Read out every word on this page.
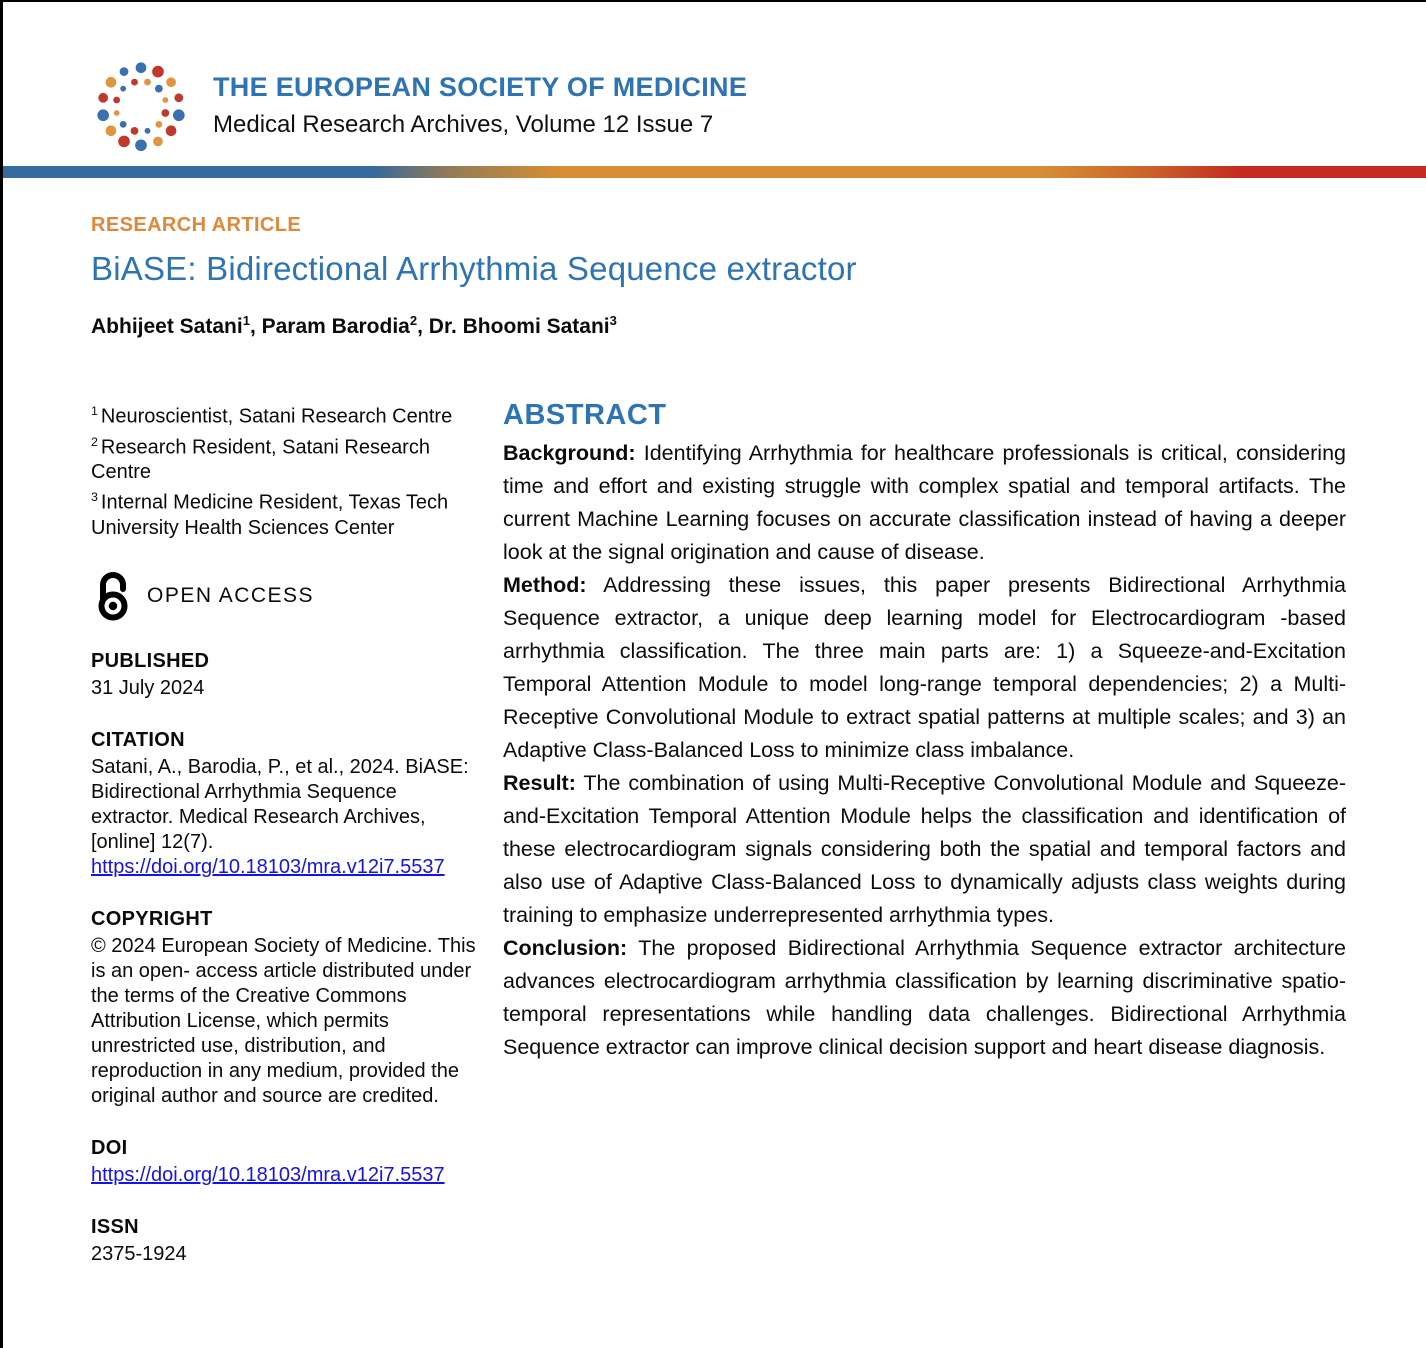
THE EUROPEAN SOCIETY OF MEDICINE
Medical Research Archives, Volume 12 Issue 7
RESEARCH ARTICLE
BiASE: Bidirectional Arrhythmia Sequence extractor
Abhijeet Satani$^1$ , Param Barodia$^2$ , Dr. Bhoomi Satani$^3$

$^1$ Neuroscientist, Satani Research Centre

$^2$ Research Resident, Satani Research Centre

$^3$ Internal Medicine Resident, Texas Tech University Health Sciences Center

OPEN ACCESS
PUBLISHED
31 July 2024
CITATION
Satani, A., Barodia, P., et al., 2024. BiASE: Bidirectional Arrhythmia Sequence extractor. Medical Research Archives, [online] 12(7).
https://doi.org/10.18103/mra.v12i7.5537
COPYRIGHT
© 2024 European Society of Medicine. This is an open- access article distributed under the terms of the Creative Commons Attribution License, which permits unrestricted use, distribution, and reproduction in any medium, provided the original author and source are credited.
DOI
https://doi.org/10.18103/mra.v12i7.5537
ISSN
2375-1924
ABSTRACT

Background: Identifying Arrhythmia for healthcare professionals is critical, considering time and effort and existing struggle with complex spatial and temporal artifacts. The current Machine Learning focuses on accurate classification instead of having a deeper look at the signal origination and cause of disease.

Method: Addressing these issues, this paper presents Bidirectional Arrhythmia Sequence extractor, a unique deep learning model for Electrocardiogram -based arrhythmia classification. The three main parts are: 1) a Squeeze-and-Excitation Temporal Attention Module to model long-range temporal dependencies; 2) a Multi-Receptive Convolutional Module to extract spatial patterns at multiple scales; and 3) an Adaptive Class-Balanced Loss to minimize class imbalance.

Result: The combination of using Multi-Receptive Convolutional Module and Squeeze-and-Excitation Temporal Attention Module helps the classification and identification of these electrocardiogram signals considering both the spatial and temporal factors and also use of Adaptive Class-Balanced Loss to dynamically adjusts class weights during training to emphasize underrepresented arrhythmia types.

Conclusion: The proposed Bidirectional Arrhythmia Sequence extractor architecture advances electrocardiogram arrhythmia classification by learning discriminative spatio-temporal representations while handling data challenges. Bidirectional Arrhythmia Sequence extractor can improve clinical decision support and heart disease diagnosis.
